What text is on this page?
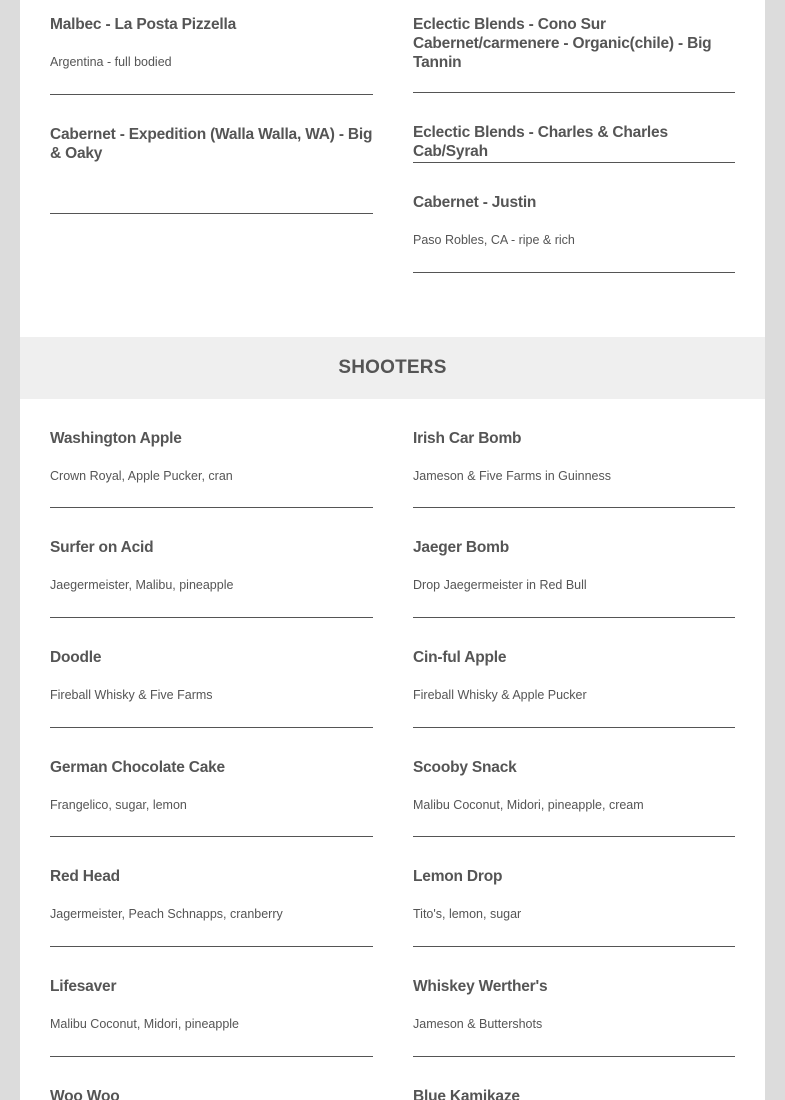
Malbec - La Posta Pizzella
Argentina - full bodied
Cabernet - Expedition (Walla Walla, WA) - Big & Oaky
Eclectic Blends - Cono Sur Cabernet/carmenere - Organic(chile) - Big Tannin
Eclectic Blends - Charles & Charles Cab/Syrah
Cabernet - Justin
Paso Robles, CA - ripe & rich
SHOOTERS
Washington Apple
Crown Royal, Apple Pucker, cran
Surfer on Acid
Jaegermeister, Malibu, pineapple
Doodle
Fireball Whisky & Five Farms
German Chocolate Cake
Frangelico, sugar, lemon
Red Head
Jagermeister, Peach Schnapps, cranberry
Lifesaver
Malibu Coconut, Midori, pineapple
Woo Woo
Irish Car Bomb
Jameson & Five Farms in Guinness
Jaeger Bomb
Drop Jaegermeister in Red Bull
Cin-ful Apple
Fireball Whisky & Apple Pucker
Scooby Snack
Malibu Coconut, Midori, pineapple, cream
Lemon Drop
Tito's, lemon, sugar
Whiskey Werther's
Jameson & Buttershots
Blue Kamikaze
